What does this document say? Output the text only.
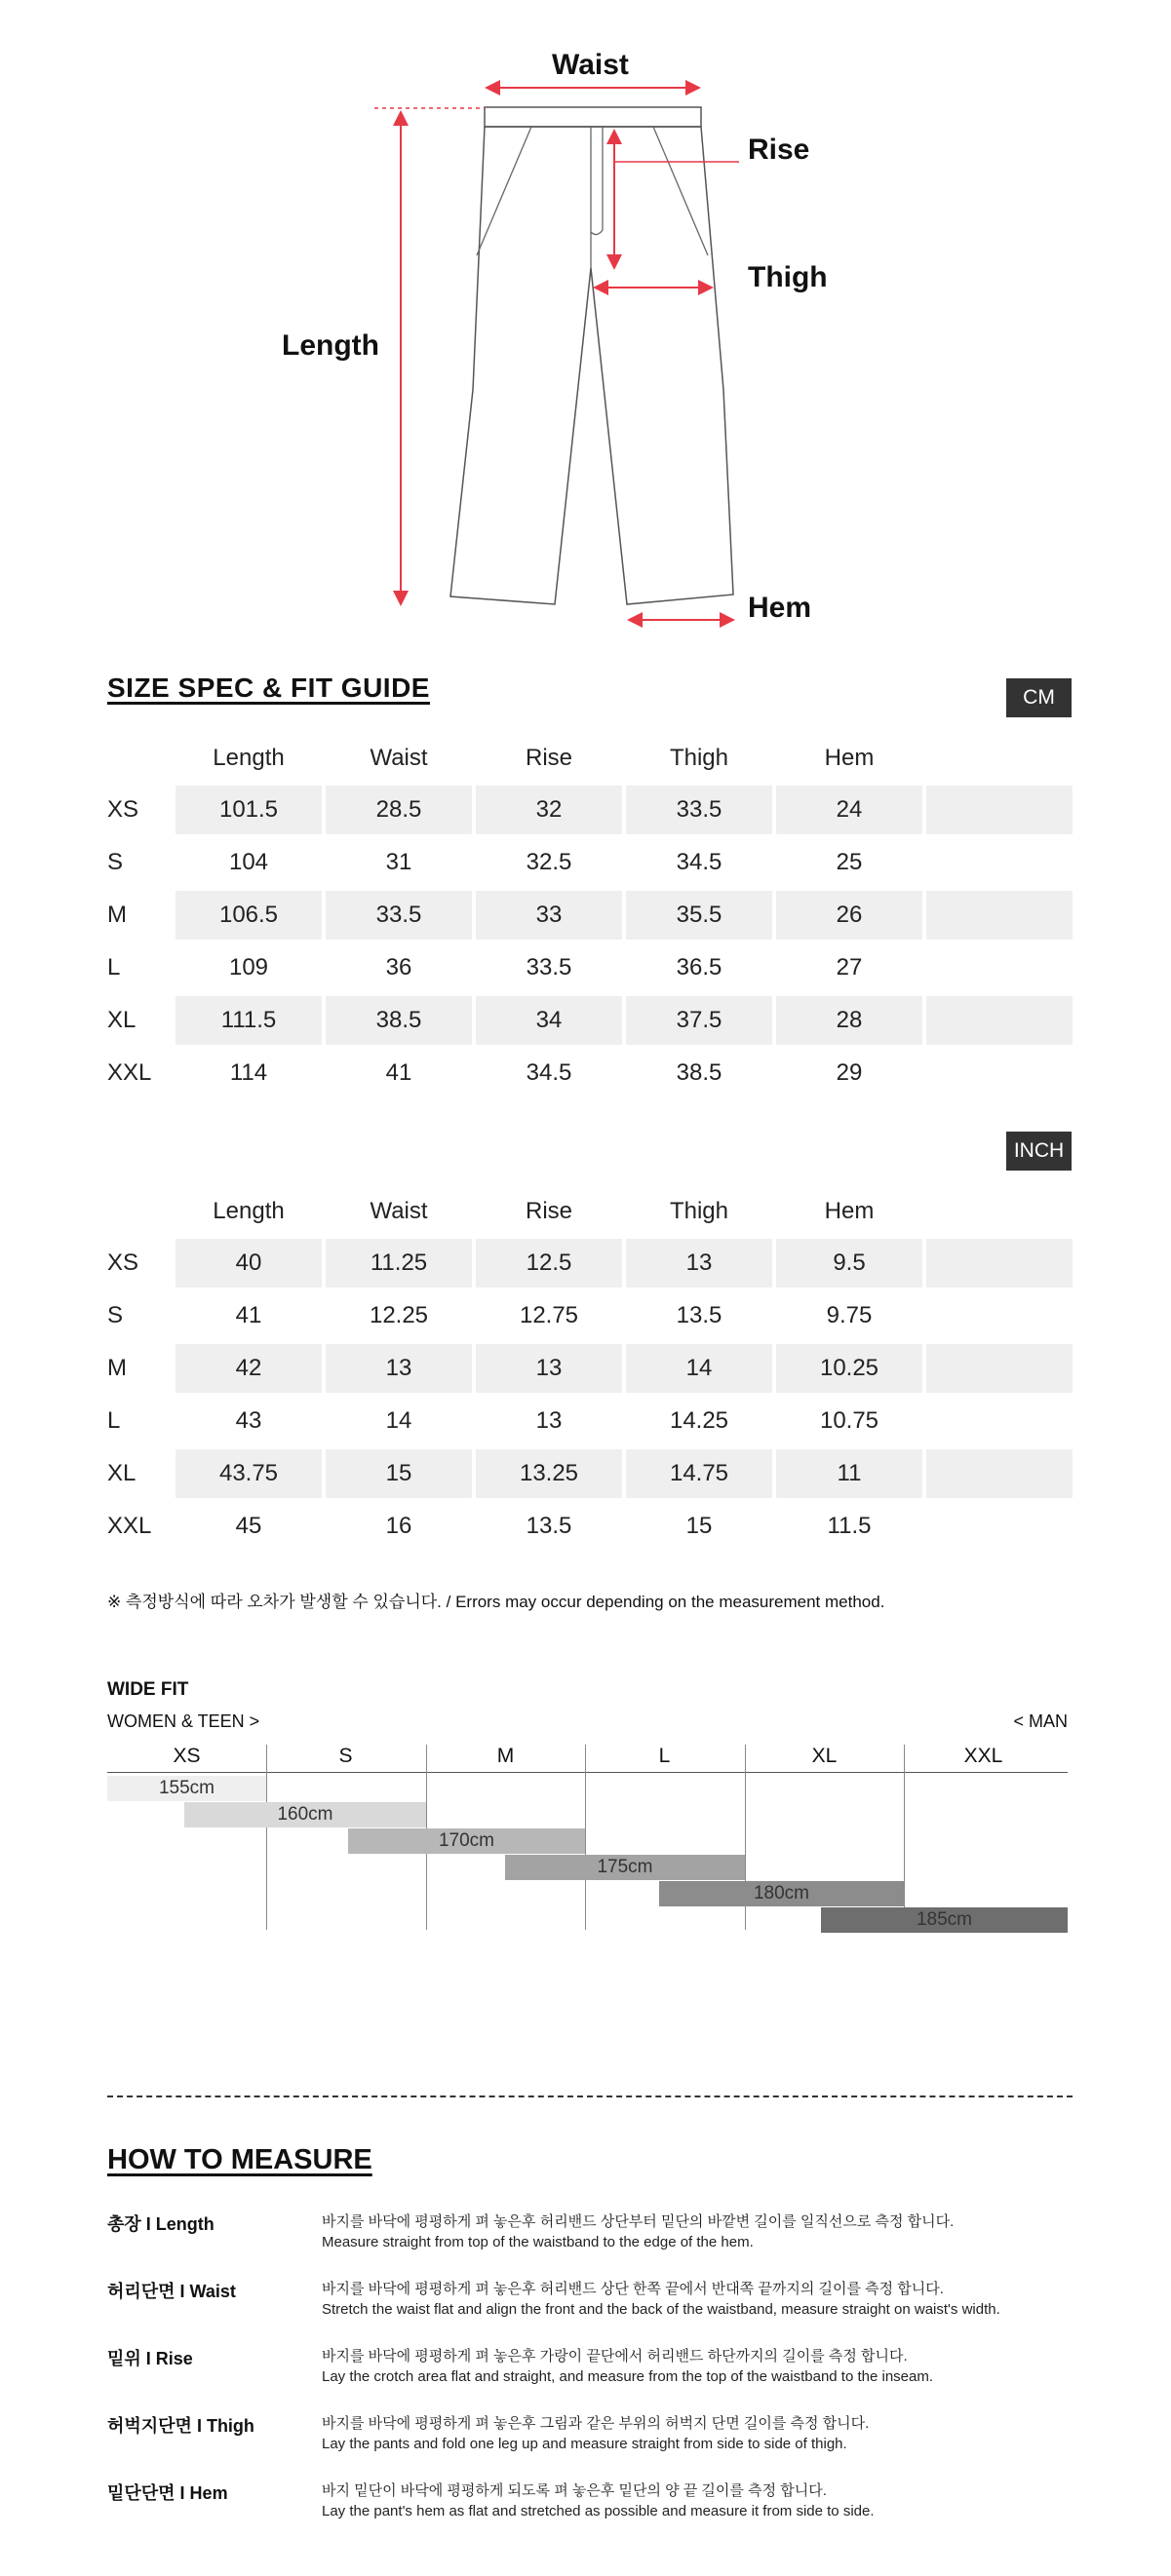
Waist
Rise
Thigh
Length
Hem
SIZE SPEC & FIT GUIDE	CM
Length	Waist	Rise	Thigh	Hem
XS	101.5	28.5	32	33.5	24
S	104	31	32.5	34.5	25
M	106.5	33.5	33	35.5	26
L	109	36	33.5	36.5	27
XL	111.5	38.5	34	37.5	28
XXL	114	41	34.5	38.5	29
INCH
Length	Waist	Rise	Thigh	Hem
XS	40	11.25	12.5	13	9.5
S	41	12.25	12.75	13.5	9.75
M	42	13	13	14	10.25
L	43	14	13	14.25	10.75
XL	43.75	15	13.25	14.75	11
XXL	45	16	13.5	15	11.5
※ 측정방식에 따라 오차가 발생할 수 있습니다. / Errors may occur depending on the measurement method.
WIDE FIT
WOMEN & TEEN >	< MAN
XS	S	M	L	XL	XXL
155cm
160cm
170cm
175cm
180cm
185cm
HOW TO MEASURE
총장 I Length	바지를 바닥에 평평하게 펴 놓은후 허리밴드 상단부터 밑단의 바깥변 길이를 일직선으로 측정 합니다.
Measure straight from top of the waistband to the edge of the hem.
허리단면 I Waist	바지를 바닥에 평평하게 펴 놓은후 허리밴드 상단 한쪽 끝에서 반대쪽 끝까지의 길이를 측정 합니다.
Stretch the waist flat and align the front and the back of the waistband, measure straight on waist's width.
밑위 I Rise	바지를 바닥에 평평하게 펴 놓은후 가랑이 끝단에서 허리밴드 하단까지의 길이를 측정 합니다.
Lay the crotch area flat and straight, and measure from the top of the waistband to the inseam.
허벅지단면 I Thigh	바지를 바닥에 평평하게 펴 놓은후 그림과 같은 부위의 허벅지 단면 길이를 측정 합니다.
Lay the pants and fold one leg up and measure straight from side to side of thigh.
밑단단면 I Hem	바지 밑단이 바닥에 평평하게 되도록 펴 놓은후 밑단의 양 끝 길이를 측정 합니다.
Lay the pant's hem as flat and stretched as possible and measure it from side to side.
